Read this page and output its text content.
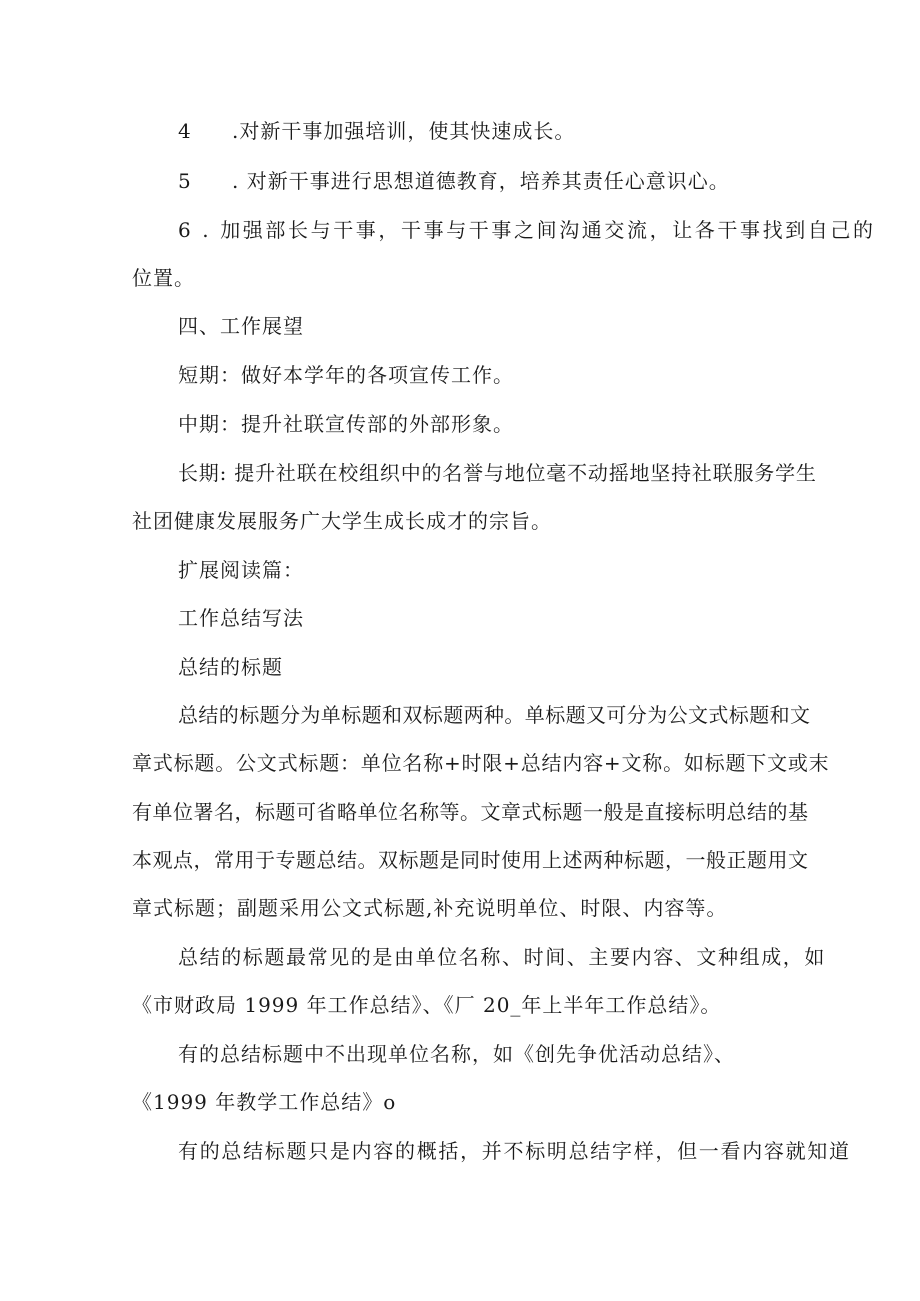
4 .对新干事加强培训，使其快速成长。

5 . 对新干事进行思想道德教育，培养其责任心意识心。

6 . 加强部长与干事，干事与干事之间沟通交流，让各干事找到自己的

位置。

四、工作展望

短期：做好本学年的各项宣传工作。

中期：提升社联宣传部的外部形象。

长期: 提升社联在校组织中的名誉与地位毫不动摇地坚持社联服务学生

社团健康发展服务广大学生成长成才的宗旨。

扩展阅读篇：

工作总结写法

总结的标题

总结的标题分为单标题和双标题两种。单标题又可分为公文式标题和文

章式标题。公文式标题：单位名称+时限+总结内容+文称。如标题下文或末

有单位署名，标题可省略单位名称等。文章式标题一般是直接标明总结的基

本观点，常用于专题总结。双标题是同时使用上述两种标题，一般正题用文

章式标题；副题采用公文式标题,补充说明单位、时限、内容等。

总结的标题最常见的是由单位名称、时间、主要内容、文种组成，如

《市财政局 1999 年工作总结》、《厂 20_年上半年工作总结》。

有的总结标题中不出现单位名称，如《创先争优活动总结》、

《1999 年教学工作总结》o

有的总结标题只是内容的概括，并不标明总结字样，但一看内容就知道
